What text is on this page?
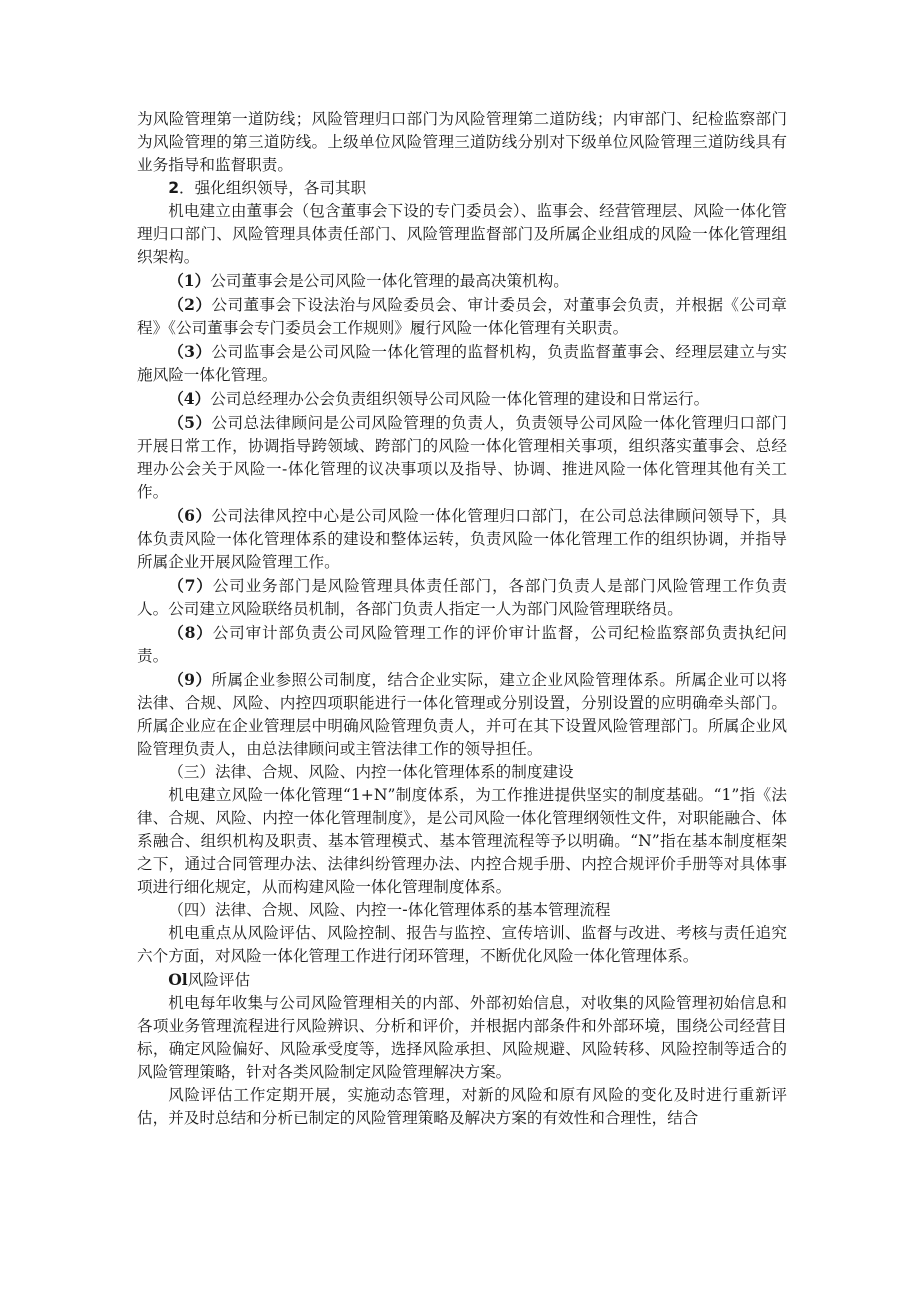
为风险管理第一道防线；风险管理归口部门为风险管理第二道防线；内审部门、纪检监察部门为风险管理的第三道防线。上级单位风险管理三道防线分别对下级单位风险管理三道防线具有业务指导和监督职责。

2．强化组织领导，各司其职

机电建立由董事会（包含董事会下设的专门委员会）、监事会、经营管理层、风险一体化管理归口部门、风险管理具体责任部门、风险管理监督部门及所属企业组成的风险一体化管理组织架构。

（1）公司董事会是公司风险一体化管理的最高决策机构。

（2）公司董事会下设法治与风险委员会、审计委员会，对董事会负责，并根据《公司章程》《公司董事会专门委员会工作规则》履行风险一体化管理有关职责。

（3）公司监事会是公司风险一体化管理的监督机构，负责监督董事会、经理层建立与实施风险一体化管理。

（4）公司总经理办公会负责组织领导公司风险一体化管理的建设和日常运行。

（5）公司总法律顾问是公司风险管理的负责人，负责领导公司风险一体化管理归口部门开展日常工作，协调指导跨领域、跨部门的风险一体化管理相关事项，组织落实董事会、总经理办公会关于风险一-体化管理的议决事项以及指导、协调、推进风险一体化管理其他有关工作。

（6）公司法律风控中心是公司风险一体化管理归口部门，在公司总法律顾问领导下，具体负责风险一体化管理体系的建设和整体运转，负责风险一体化管理工作的组织协调，并指导所属企业开展风险管理工作。

（7）公司业务部门是风险管理具体责任部门，各部门负责人是部门风险管理工作负责人。公司建立风险联络员机制，各部门负责人指定一人为部门风险管理联络员。

（8）公司审计部负责公司风险管理工作的评价审计监督，公司纪检监察部负责执纪问责。

（9）所属企业参照公司制度，结合企业实际，建立企业风险管理体系。所属企业可以将法律、合规、风险、内控四项职能进行一体化管理或分别设置，分别设置的应明确牵头部门。所属企业应在企业管理层中明确风险管理负责人，并可在其下设置风险管理部门。所属企业风险管理负责人，由总法律顾问或主管法律工作的领导担任。

（三）法律、合规、风险、内控一体化管理体系的制度建设

机电建立风险一体化管理“1+N”制度体系，为工作推进提供坚实的制度基础。“1”指《法律、合规、风险、内控一体化管理制度》，是公司风险一体化管理纲领性文件，对职能融合、体系融合、组织机构及职责、基本管理模式、基本管理流程等予以明确。“N”指在基本制度框架之下，通过合同管理办法、法律纠纷管理办法、内控合规手册、内控合规评价手册等对具体事项进行细化规定，从而构建风险一体化管理制度体系。

（四）法律、合规、风险、内控一-体化管理体系的基本管理流程

机电重点从风险评估、风险控制、报告与监控、宣传培训、监督与改进、考核与责任追究六个方面，对风险一体化管理工作进行闭环管理，不断优化风险一体化管理体系。

Ol风险评估

机电每年收集与公司风险管理相关的内部、外部初始信息，对收集的风险管理初始信息和各项业务管理流程进行风险辨识、分析和评价，并根据内部条件和外部环境，围绕公司经营目标，确定风险偏好、风险承受度等，选择风险承担、风险规避、风险转移、风险控制等适合的风险管理策略，针对各类风险制定风险管理解决方案。

风险评估工作定期开展，实施动态管理，对新的风险和原有风险的变化及时进行重新评估，并及时总结和分析已制定的风险管理策略及解决方案的有效性和合理性，结合
